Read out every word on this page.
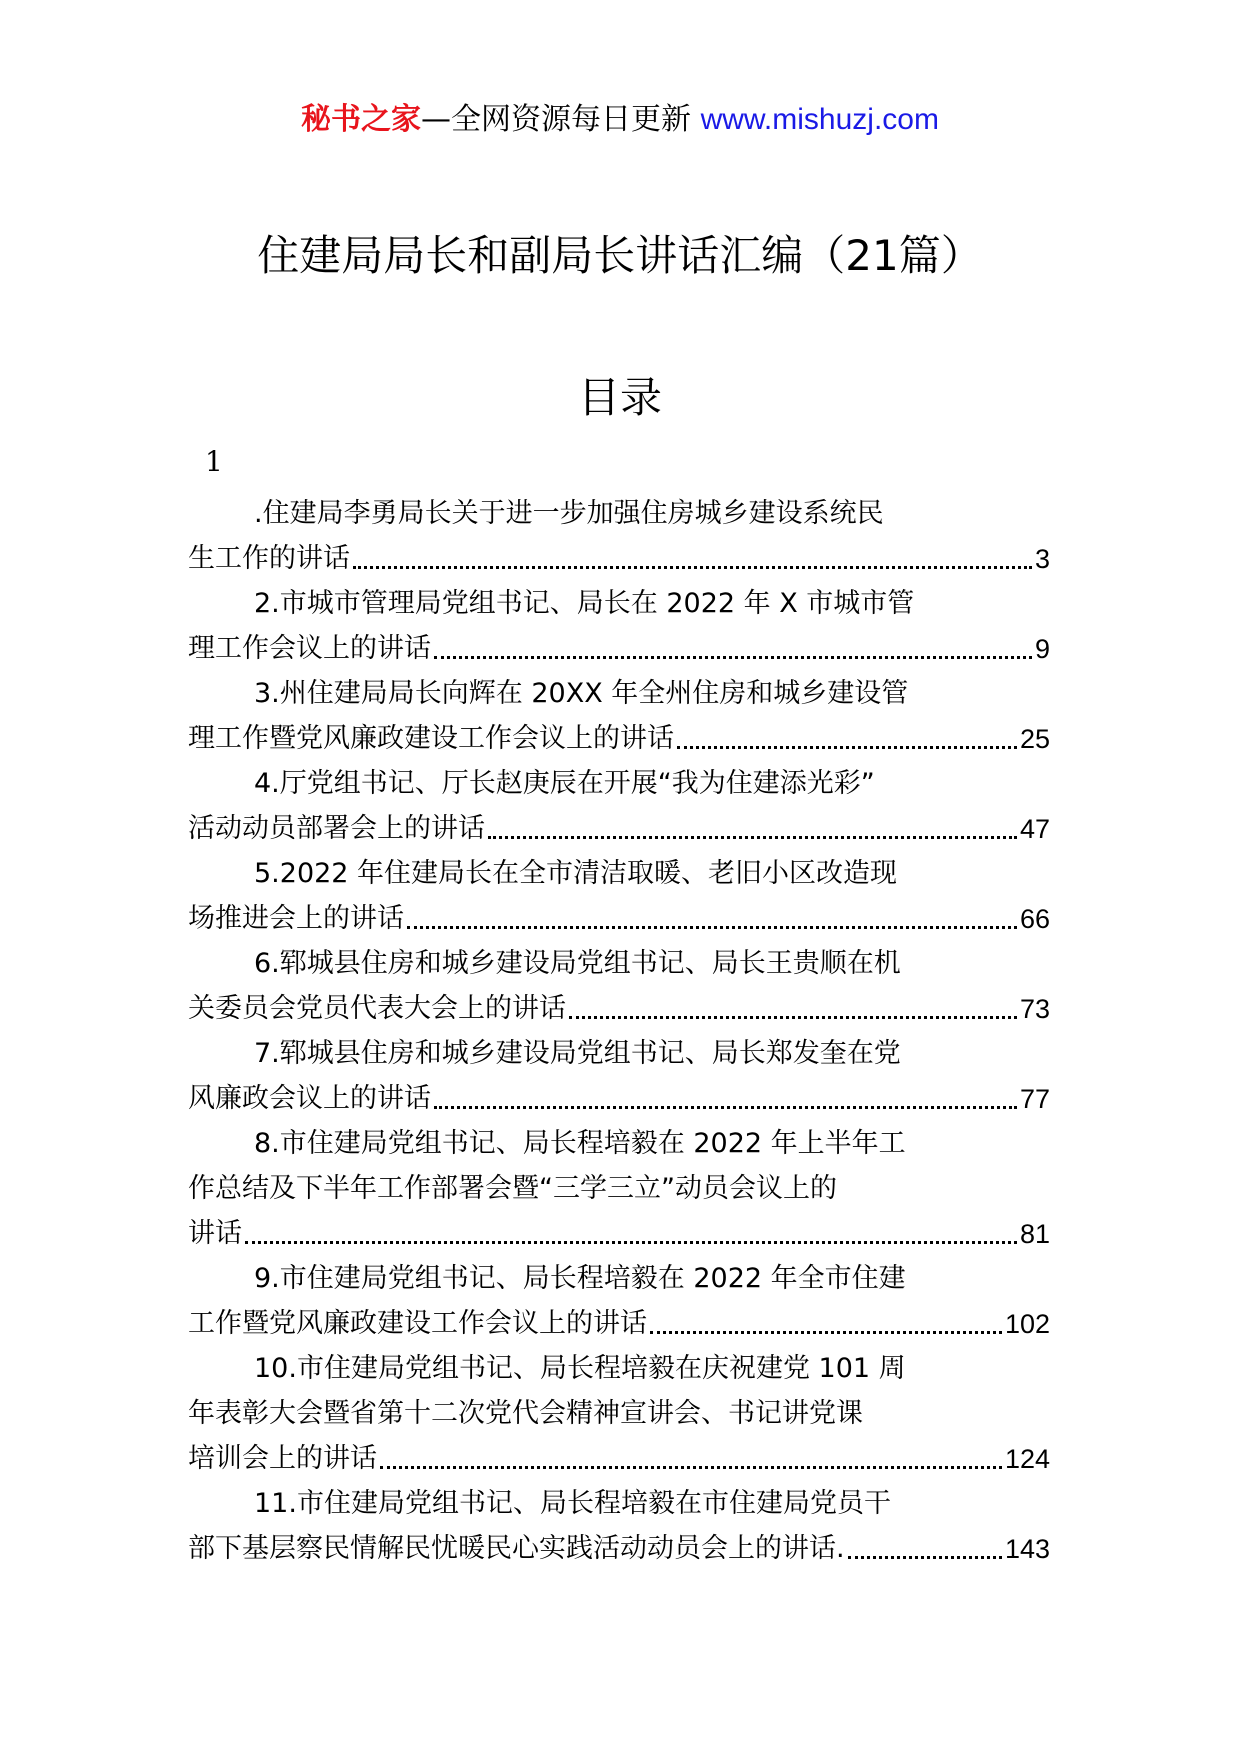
秘书之家—全网资源每日更新 www.mishuzj.com
住建局局长和副局长讲话汇编（21篇）
目录
1
.住建局李勇局长关于进一步加强住房城乡建设系统民
生工作的讲话	3
2.市城市管理局党组书记、局长在 2022 年 X 市城市管
理工作会议上的讲话	9
3.州住建局局长向辉在 20XX 年全州住房和城乡建设管
理工作暨党风廉政建设工作会议上的讲话	25
4.厅党组书记、厅长赵庚辰在开展“我为住建添光彩”
活动动员部署会上的讲话	47
5.2022 年住建局长在全市清洁取暖、老旧小区改造现
场推进会上的讲话	66
6.郓城县住房和城乡建设局党组书记、局长王贵顺在机
关委员会党员代表大会上的讲话	73
7.郓城县住房和城乡建设局党组书记、局长郑发奎在党
风廉政会议上的讲话	77
8.市住建局党组书记、局长程培毅在 2022 年上半年工
作总结及下半年工作部署会暨“三学三立”动员会议上的
讲话	81
9.市住建局党组书记、局长程培毅在 2022 年全市住建
工作暨党风廉政建设工作会议上的讲话	102
10.市住建局党组书记、局长程培毅在庆祝建党 101 周
年表彰大会暨省第十二次党代会精神宣讲会、书记讲党课
培训会上的讲话	124
11.市住建局党组书记、局长程培毅在市住建局党员干
部下基层察民情解民忧暖民心实践活动动员会上的讲话.	143
